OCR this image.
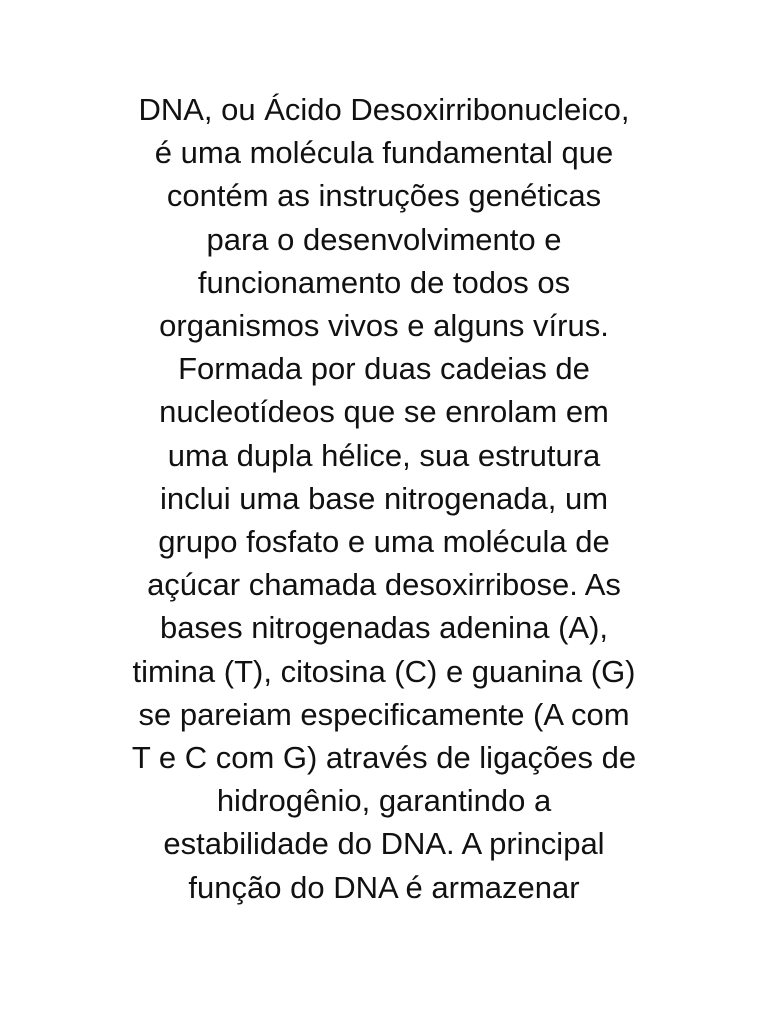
DNA, ou Ácido Desoxirribonucleico,
é uma molécula fundamental que
contém as instruções genéticas
para o desenvolvimento e
funcionamento de todos os
organismos vivos e alguns vírus.
Formada por duas cadeias de
nucleotídeos que se enrolam em
uma dupla hélice, sua estrutura
inclui uma base nitrogenada, um
grupo fosfato e uma molécula de
açúcar chamada desoxirribose. As
bases nitrogenadas adenina (A),
timina (T), citosina (C) e guanina (G)
se pareiam especificamente (A com
T e C com G) através de ligações de
hidrogênio, garantindo a
estabilidade do DNA. A principal
função do DNA é armazenar
